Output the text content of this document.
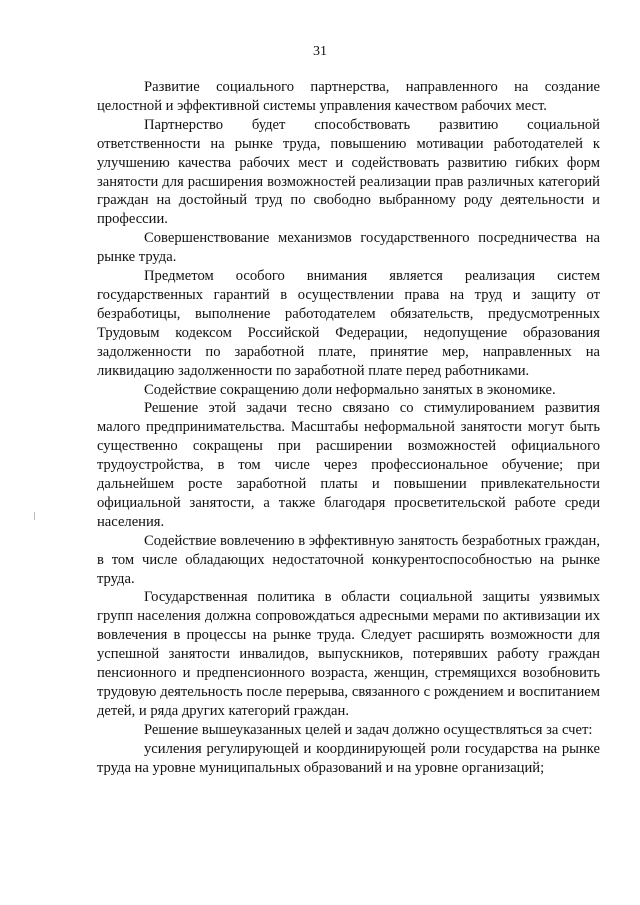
31

Развитие социального партнерства, направленного на создание целостной и эффективной системы управления качеством рабочих мест.

Партнерство будет способствовать развитию социальной ответственности на рынке труда, повышению мотивации работодателей к улучшению качества рабочих мест и содействовать развитию гибких форм занятости для расширения возможностей реализации прав различных категорий граждан на достойный труд по свободно выбранному роду деятельности и профессии.

Совершенствование механизмов государственного посредничества на рынке труда.

Предметом особого внимания является реализация систем государственных гарантий в осуществлении права на труд и защиту от безработицы, выполнение работодателем обязательств, предусмотренных Трудовым кодексом Российской Федерации, недопущение образования задолженности по заработной плате, принятие мер, направленных на ликвидацию задолженности по заработной плате перед работниками.

Содействие сокращению доли неформально занятых в экономике.

Решение этой задачи тесно связано со стимулированием развития малого предпринимательства. Масштабы неформальной занятости могут быть существенно сокращены при расширении возможностей официального трудоустройства, в том числе через профессиональное обучение; при дальнейшем росте заработной платы и повышении привлекательности официальной занятости, а также благодаря просветительской работе среди населения.

Содействие вовлечению в эффективную занятость безработных граждан, в том числе обладающих недостаточной конкурентоспособностью на рынке труда.

Государственная политика в области социальной защиты уязвимых групп населения должна сопровождаться адресными мерами по активизации их вовлечения в процессы на рынке труда. Следует расширять возможности для успешной занятости инвалидов, выпускников, потерявших работу граждан пенсионного и предпенсионного возраста, женщин, стремящихся возобновить трудовую деятельность после перерыва, связанного с рождением и воспитанием детей, и ряда других категорий граждан.

Решение вышеуказанных целей и задач должно осуществляться за счет:

усиления регулирующей и координирующей роли государства на рынке труда на уровне муниципальных образований и на уровне организаций;
